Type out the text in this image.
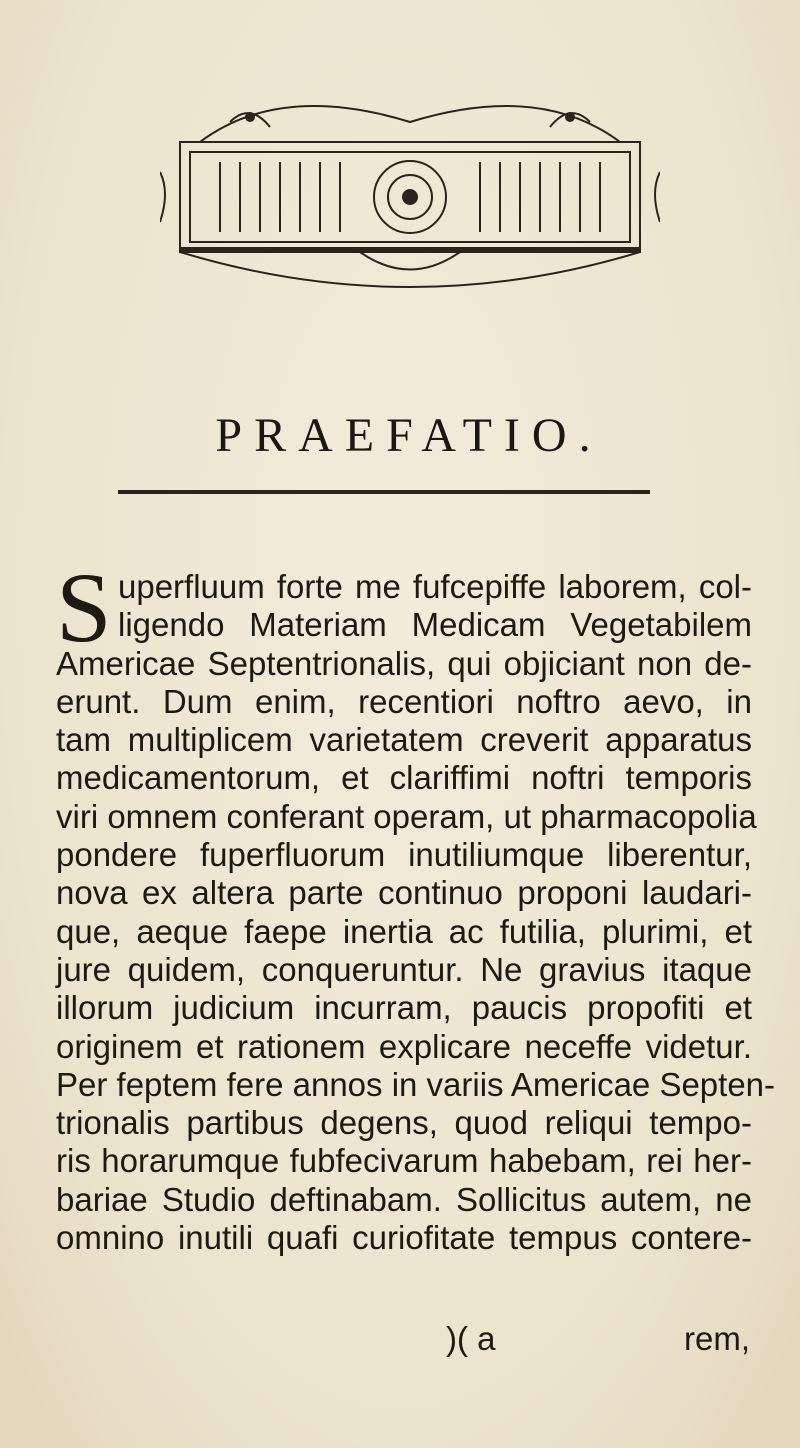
PRAEFATIO.
S uperfluum forte me fufcepiffe laborem, col-
ligendo Materiam Medicam Vegetabilem
Americae Septentrionalis, qui objiciant non de-
erunt. Dum enim, recentiori noftro aevo, in
tam multiplicem varietatem creverit apparatus
medicamentorum, et clariffimi noftri temporis
viri omnem conferant operam, ut pharmacopolia
pondere fuperfluorum inutiliumque liberentur,
nova ex altera parte continuo proponi laudari-
que, aeque faepe inertia ac futilia, plurimi, et
jure quidem, conqueruntur. Ne gravius itaque
illorum judicium incurram, paucis propofiti et
originem et rationem explicare neceffe videtur.
Per feptem fere annos in variis Americae Septen-
trionalis partibus degens, quod reliqui tempo-
ris horarumque fubfecivarum habebam, rei her-
bariae Studio deftinabam. Sollicitus autem, ne
omnino inutili quafi curiofitate tempus contere-
)( a	rem,
